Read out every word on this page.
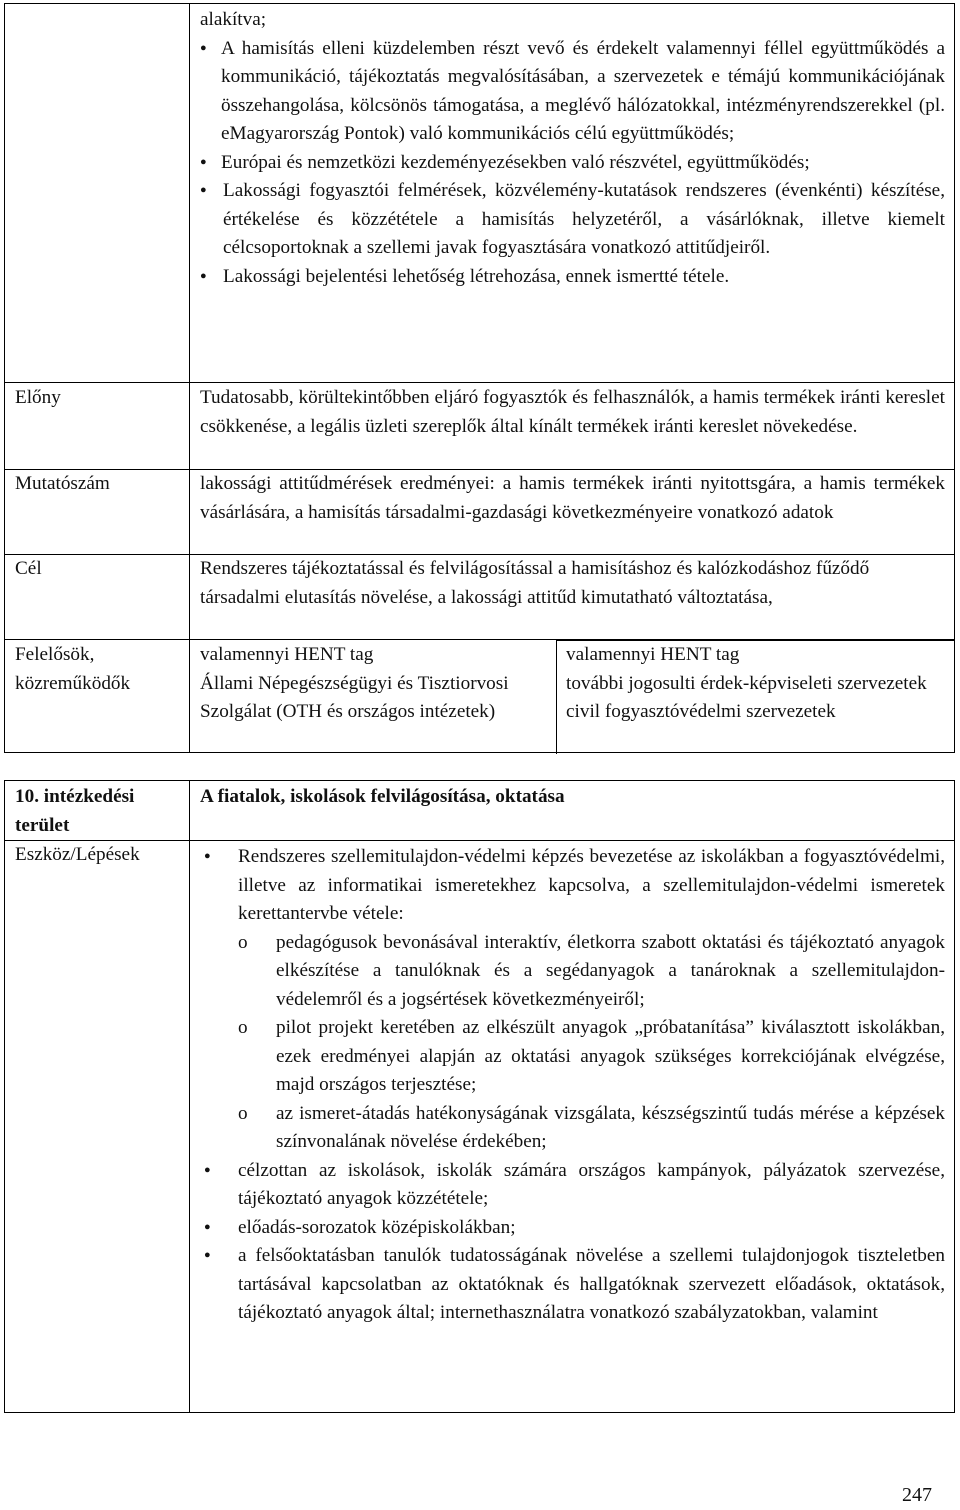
alakítva;

● A hamisítás elleni küzdelemben részt vevő és érdekelt valamennyi féllel együttműködés a kommunikáció, tájékoztatás megvalósításában, a szervezetek e témájú kommunikációjának összehangolása, kölcsönös támogatása, a meglévő hálózatokkal, intézményrendszerekkel (pl. eMagyarország Pontok) való kommunikációs célú együttműködés;

● Európai és nemzetközi kezdeményezésekben való részvétel, együttműködés;

● Lakossági fogyasztói felmérések, közvélemény-kutatások rendszeres (évenkénti) készítése, értékelése és közzététele a hamisítás helyzetéről, a vásárlóknak, illetve kiemelt célcsoportoknak a szellemi javak fogyasztására vonatkozó attitűdjeiről.

● Lakossági bejelentési lehetőség létrehozása, ennek ismertté tétele.

Előny	Tudatosabb, körültekintőbben eljáró fogyasztók és felhasználók, a hamis termékek iránti kereslet csökkenése, a legális üzleti szereplők által kínált termékek iránti kereslet növekedése.

Mutatószám	lakossági attitűdmérések eredményei: a hamis termékek iránti nyitottsgára, a hamis termékek vásárlására, a hamisítás társadalmi-gazdasági következményeire vonatkozó adatok

Cél	Rendszeres tájékoztatással és felvilágosítással a hamisításhoz és kalózkodáshoz fűződő társadalmi elutasítás növelése, a lakossági attitűd kimutatható változtatása,

Felelősök, közreműködők

valamennyi HENT tag

Állami Népegészségügyi és Tisztiorvosi Szolgálat (OTH és országos intézetek)

valamennyi HENT tag

további jogosulti érdek-képviseleti szervezetek

civil fogyasztóvédelmi szervezetek

10. intézkedési terület

A fiatalok, iskolások felvilágosítása, oktatása

Eszköz/Lépések

●	Rendszeres szellemitulajdon-védelmi képzés bevezetése az iskolákban a fogyasztóvédelmi, illetve az informatikai ismeretekhez kapcsolva, a szellemitulajdon-védelmi ismeretek kerettantervbe vétele:

o pedagógusok bevonásával interaktív, életkorra szabott oktatási és tájékoztató anyagok elkészítése a tanulóknak és a segédanyagok a tanároknak a szellemitulajdon-védelemről és a jogsértések következményeiről;
o pilot projekt keretében az elkészült anyagok „próbatanítása” kiválasztott iskolákban, ezek eredményei alapján az oktatási anyagok szükséges korrekciójának elvégzése, majd országos terjesztése;
o az ismeret-átadás hatékonyságának vizsgálata, készségszintű tudás mérése a képzések színvonalának növelése érdekében;

● célzottan az iskolások, iskolák számára országos kampányok, pályázatok szervezése, tájékoztató anyagok közzététele;

● előadás-sorozatok középiskolákban;

● a felsőoktatásban tanulók tudatosságának növelése a szellemi tulajdonjogok tiszteletben tartásával kapcsolatban az oktatóknak és hallgatóknak szervezett előadások, oktatások, tájékoztató anyagok által; internethasználatra vonatkozó szabályzatokban, valamint

247
